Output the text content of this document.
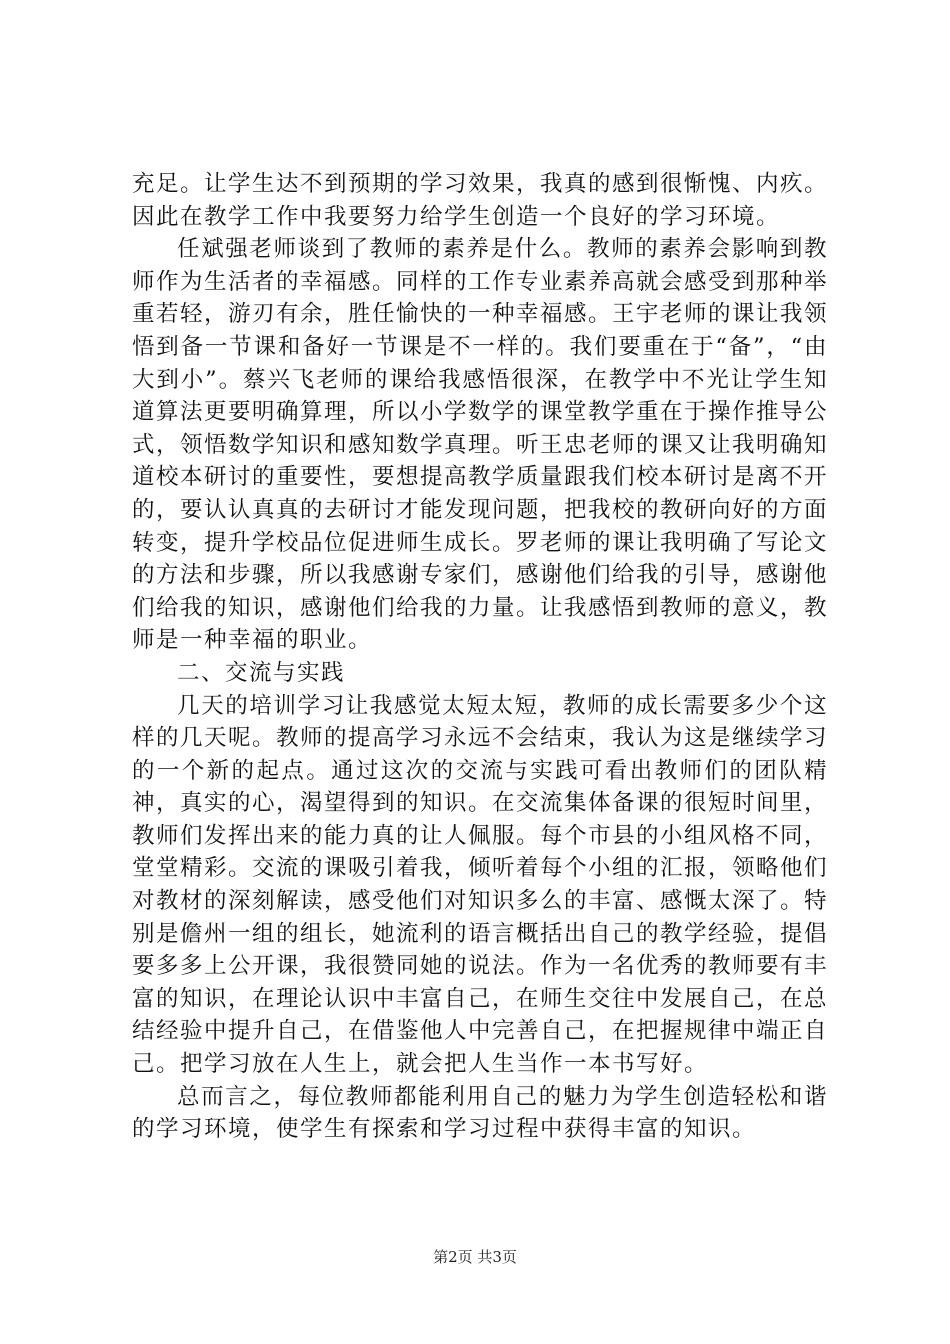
充足。让学生达不到预期的学习效果，我真的感到很惭愧、内疚。因此在教学工作中我要努力给学生创造一个良好的学习环境。

任斌强老师谈到了教师的素养是什么。教师的素养会影响到教师作为生活者的幸福感。同样的工作专业素养高就会感受到那种举重若轻，游刃有余，胜任愉快的一种幸福感。王宇老师的课让我领悟到备一节课和备好一节课是不一样的。我们要重在于“备”，“由大到小”。蔡兴飞老师的课给我感悟很深，在教学中不光让学生知道算法更要明确算理，所以小学数学的课堂教学重在于操作推导公式，领悟数学知识和感知数学真理。听王忠老师的课又让我明确知道校本研讨的重要性，要想提高教学质量跟我们校本研讨是离不开的，要认认真真的去研讨才能发现问题，把我校的教研向好的方面转变，提升学校品位促进师生成长。罗老师的课让我明确了写论文的方法和步骤，所以我感谢专家们，感谢他们给我的引导，感谢他们给我的知识，感谢他们给我的力量。让我感悟到教师的意义，教师是一种幸福的职业。

二、交流与实践

几天的培训学习让我感觉太短太短，教师的成长需要多少个这样的几天呢。教师的提高学习永远不会结束，我认为这是继续学习的一个新的起点。通过这次的交流与实践可看出教师们的团队精神，真实的心，渴望得到的知识。在交流集体备课的很短时间里，教师们发挥出来的能力真的让人佩服。每个市县的小组风格不同，堂堂精彩。交流的课吸引着我，倾听着每个小组的汇报，领略他们对教材的深刻解读，感受他们对知识多么的丰富、感慨太深了。特别是儋州一组的组长，她流利的语言概括出自己的教学经验，提倡要多多上公开课，我很赞同她的说法。作为一名优秀的教师要有丰富的知识，在理论认识中丰富自己，在师生交往中发展自己，在总结经验中提升自己，在借鉴他人中完善自己，在把握规律中端正自己。把学习放在人生上，就会把人生当作一本书写好。

总而言之，每位教师都能利用自己的魅力为学生创造轻松和谐的学习环境，使学生有探索和学习过程中获得丰富的知识。

第2页 共3页
